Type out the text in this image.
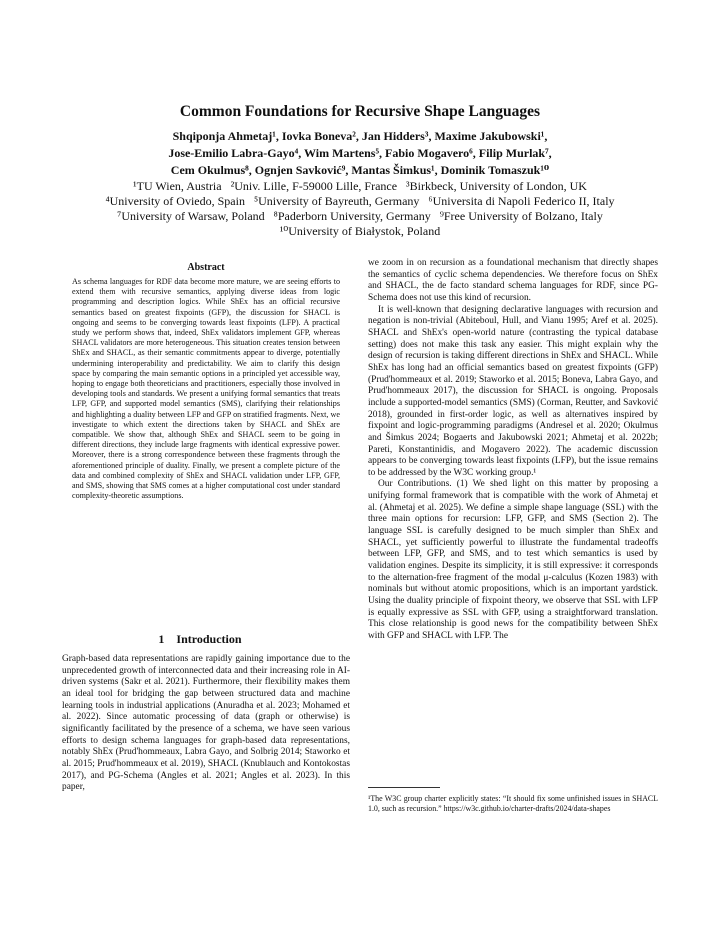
Common Foundations for Recursive Shape Languages
Shqiponja Ahmetaj¹, Iovka Boneva², Jan Hidders³, Maxime Jakubowski¹,
Jose-Emilio Labra-Gayo⁴, Wim Martens⁵, Fabio Mogavero⁶, Filip Murlak⁷,
Cem Okulmus⁸, Ognjen Savković⁹, Mantas Šimkus¹, Dominik Tomaszuk¹⁰
¹TU Wien, Austria ²Univ. Lille, F-59000 Lille, France ³Birkbeck, University of London, UK
⁴University of Oviedo, Spain ⁵University of Bayreuth, Germany ⁶Universita di Napoli Federico II, Italy
⁷University of Warsaw, Poland ⁸Paderborn University, Germany ⁹Free University of Bolzano, Italy
¹⁰University of Białystok, Poland
Abstract

As schema languages for RDF data become more mature, we are seeing efforts to extend them with recursive semantics, applying diverse ideas from logic programming and description logics. While ShEx has an official recursive semantics based on greatest fixpoints (GFP), the discussion for SHACL is ongoing and seems to be converging towards least fixpoints (LFP). A practical study we perform shows that, indeed, ShEx validators implement GFP, whereas SHACL validators are more heterogeneous. This situation creates tension between ShEx and SHACL, as their semantic commitments appear to diverge, potentially undermining interoperability and predictability. We aim to clarify this design space by comparing the main semantic options in a principled yet accessible way, hoping to engage both theoreticians and practitioners, especially those involved in developing tools and standards. We present a unifying formal semantics that treats LFP, GFP, and supported model semantics (SMS), clarifying their relationships and highlighting a duality between LFP and GFP on stratified fragments. Next, we investigate to which extent the directions taken by SHACL and ShEx are compatible. We show that, although ShEx and SHACL seem to be going in different directions, they include large fragments with identical expressive power. Moreover, there is a strong correspondence between these fragments through the aforementioned principle of duality. Finally, we present a complete picture of the data and combined complexity of ShEx and SHACL validation under LFP, GFP, and SMS, showing that SMS comes at a higher computational cost under standard complexity-theoretic assumptions.

1 Introduction

Graph-based data representations are rapidly gaining importance due to the unprecedented growth of interconnected data and their increasing role in AI-driven systems (Sakr et al. 2021). Furthermore, their flexibility makes them an ideal tool for bridging the gap between structured data and machine learning tools in industrial applications (Anuradha et al. 2023; Mohamed et al. 2022). Since automatic processing of data (graph or otherwise) is significantly facilitated by the presence of a schema, we have seen various efforts to design schema languages for graph-based data representations, notably ShEx (Prud'hommeaux, Labra Gayo, and Solbrig 2014; Staworko et al. 2015; Prud'hommeaux et al. 2019), SHACL (Knublauch and Kontokostas 2017), and PG-Schema (Angles et al. 2021; Angles et al. 2023). In this paper,

we zoom in on recursion as a foundational mechanism that directly shapes the semantics of cyclic schema dependencies. We therefore focus on ShEx and SHACL, the de facto standard schema languages for RDF, since PG-Schema does not use this kind of recursion.

It is well-known that designing declarative languages with recursion and negation is non-trivial (Abiteboul, Hull, and Vianu 1995; Aref et al. 2025). SHACL and ShEx's open-world nature (contrasting the typical database setting) does not make this task any easier. This might explain why the design of recursion is taking different directions in ShEx and SHACL. While ShEx has long had an official semantics based on greatest fixpoints (GFP) (Prud'hommeaux et al. 2019; Staworko et al. 2015; Boneva, Labra Gayo, and Prud'hommeaux 2017), the discussion for SHACL is ongoing. Proposals include a supported-model semantics (SMS) (Corman, Reutter, and Savković 2018), grounded in first-order logic, as well as alternatives inspired by fixpoint and logic-programming paradigms (Andresel et al. 2020; Okulmus and Šimkus 2024; Bogaerts and Jakubowski 2021; Ahmetaj et al. 2022b; Pareti, Konstantinidis, and Mogavero 2022). The academic discussion appears to be converging towards least fixpoints (LFP), but the issue remains to be addressed by the W3C working group.¹

Our Contributions. (1) We shed light on this matter by proposing a unifying formal framework that is compatible with the work of Ahmetaj et al. (Ahmetaj et al. 2025). We define a simple shape language (SSL) with the three main options for recursion: LFP, GFP, and SMS (Section 2). The language SSL is carefully designed to be much simpler than ShEx and SHACL, yet sufficiently powerful to illustrate the fundamental tradeoffs between LFP, GFP, and SMS, and to test which semantics is used by validation engines. Despite its simplicity, it is still expressive: it corresponds to the alternation-free fragment of the modal μ-calculus (Kozen 1983) with nominals but without atomic propositions, which is an important yardstick. Using the duality principle of fixpoint theory, we observe that SSL with LFP is equally expressive as SSL with GFP, using a straightforward translation. This close relationship is good news for the compatibility between ShEx with GFP and SHACL with LFP. The

¹The W3C group charter explicitly states: “It should fix some unfinished issues in SHACL 1.0, such as recursion.” https://w3c.github.io/charter-drafts/2024/data-shapes
